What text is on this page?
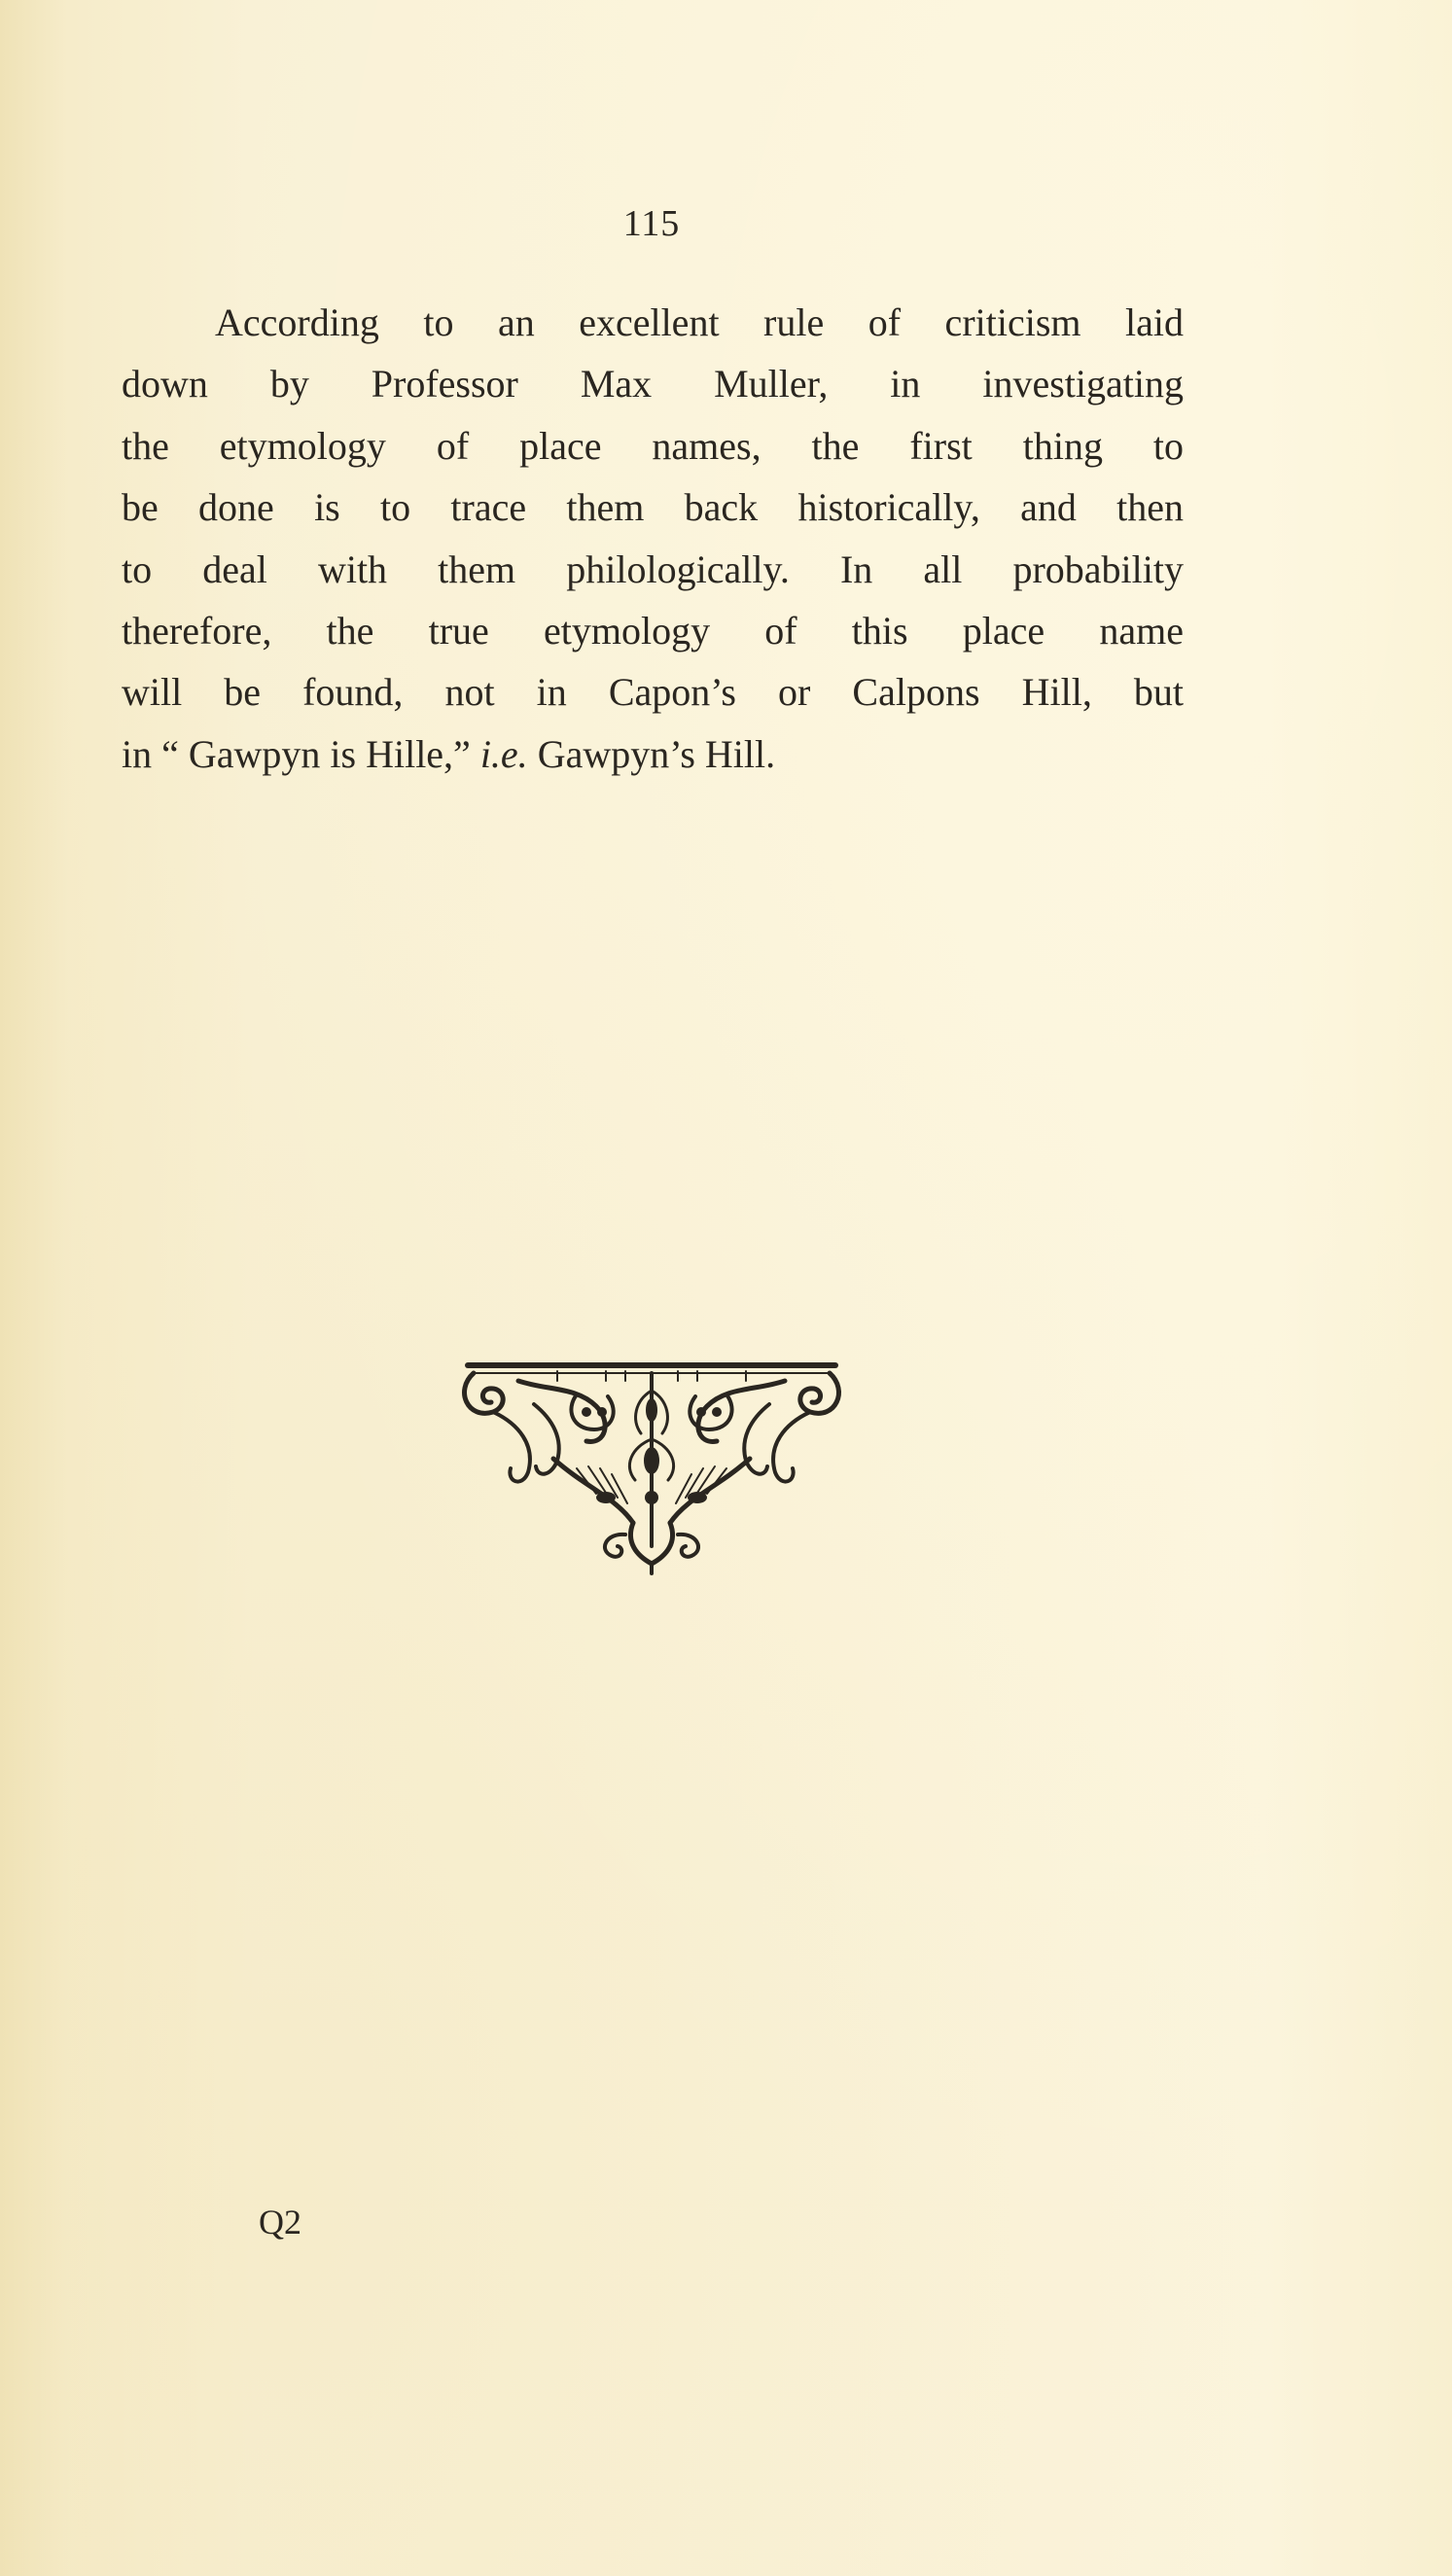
115
According to an excellent rule of criticism laid
down by Professor Max Muller, in investigating
the etymology of place names, the first thing to
be done is to trace them back historically, and then
to deal with them philologically. In all probability
therefore, the true etymology of this place name
will be found, not in Capon’s or Calpons Hill, but
in “ Gawpyn is Hille,” i.e. Gawpyn’s Hill.
Q2
